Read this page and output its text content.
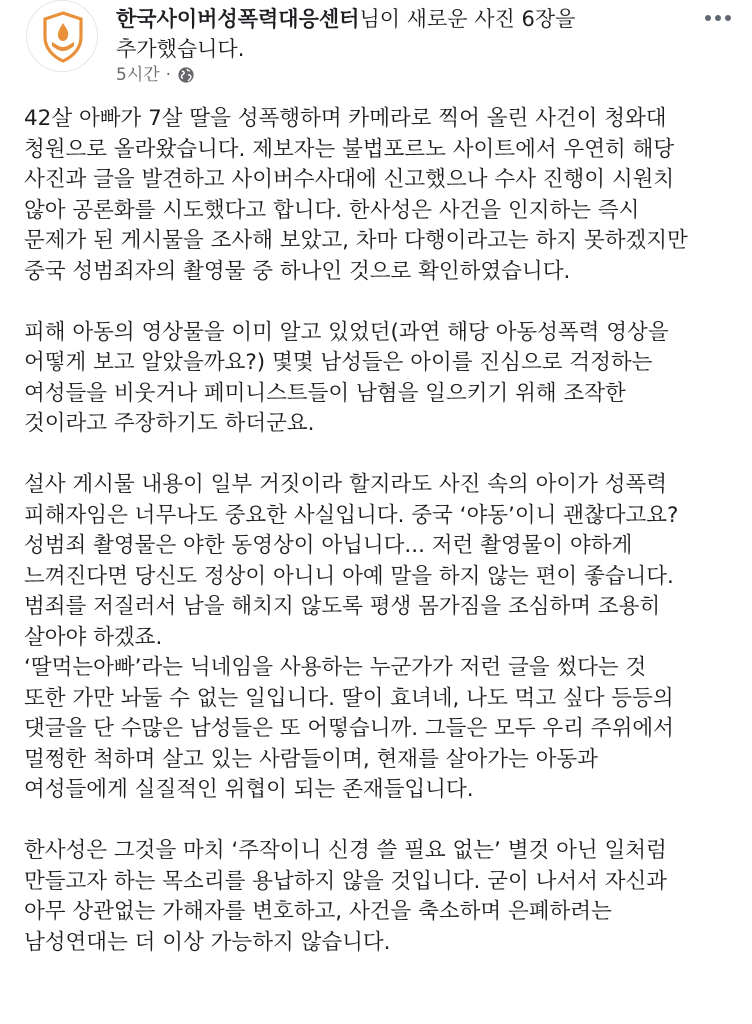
한국사이버성폭력대응센터님이 새로운 사진 6장을
추가했습니다.
5시간 ·
42살 아빠가 7살 딸을 성폭행하며 카메라로 찍어 올린 사건이 청와대
청원으로 올라왔습니다. 제보자는 불법포르노 사이트에서 우연히 해당
사진과 글을 발견하고 사이버수사대에 신고했으나 수사 진행이 시원치
않아 공론화를 시도했다고 합니다. 한사성은 사건을 인지하는 즉시
문제가 된 게시물을 조사해 보았고, 차마 다행이라고는 하지 못하겠지만
중국 성범죄자의 촬영물 중 하나인 것으로 확인하였습니다.
피해 아동의 영상물을 이미 알고 있었던(과연 해당 아동성폭력 영상을
어떻게 보고 알았을까요?) 몇몇 남성들은 아이를 진심으로 걱정하는
여성들을 비웃거나 페미니스트들이 남혐을 일으키기 위해 조작한
것이라고 주장하기도 하더군요.
설사 게시물 내용이 일부 거짓이라 할지라도 사진 속의 아이가 성폭력
피해자임은 너무나도 중요한 사실입니다. 중국 ‘야동’이니 괜찮다고요?
성범죄 촬영물은 야한 동영상이 아닙니다... 저런 촬영물이 야하게
느껴진다면 당신도 정상이 아니니 아예 말을 하지 않는 편이 좋습니다.
범죄를 저질러서 남을 해치지 않도록 평생 몸가짐을 조심하며 조용히
살아야 하겠죠.
‘딸먹는아빠’라는 닉네임을 사용하는 누군가가 저런 글을 썼다는 것
또한 가만 놔둘 수 없는 일입니다. 딸이 효녀네, 나도 먹고 싶다 등등의
댓글을 단 수많은 남성들은 또 어떻습니까. 그들은 모두 우리 주위에서
멀쩡한 척하며 살고 있는 사람들이며, 현재를 살아가는 아동과
여성들에게 실질적인 위협이 되는 존재들입니다.
한사성은 그것을 마치 ‘주작이니 신경 쓸 필요 없는’ 별것 아닌 일처럼
만들고자 하는 목소리를 용납하지 않을 것입니다. 굳이 나서서 자신과
아무 상관없는 가해자를 변호하고, 사건을 축소하며 은폐하려는
남성연대는 더 이상 가능하지 않습니다.
